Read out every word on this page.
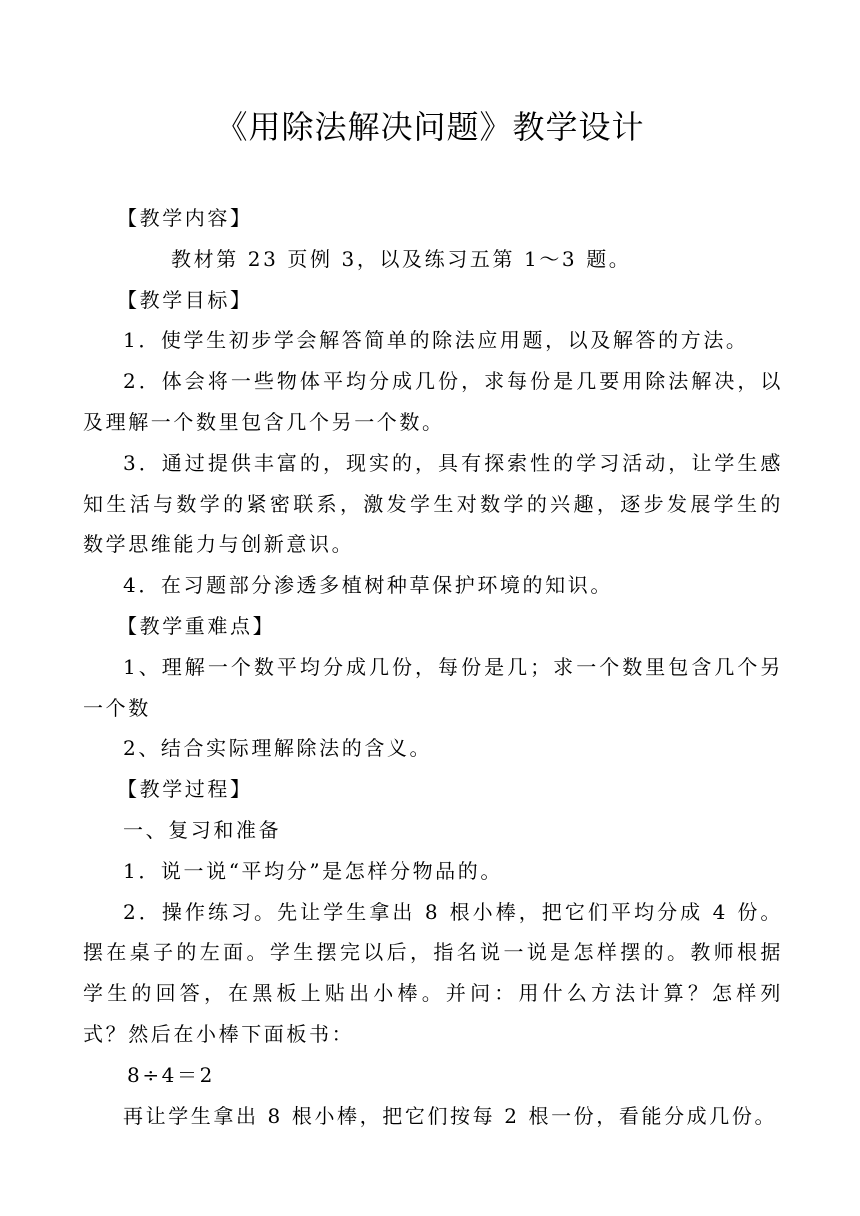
《用除法解决问题》教学设计

【教学内容】

教材第 23 页例 3，以及练习五第 1～3 题。

【教学目标】

1．使学生初步学会解答简单的除法应用题，以及解答的方法。

2．体会将一些物体平均分成几份，求每份是几要用除法解决，以及理解一个数里包含几个另一个数。

3．通过提供丰富的，现实的，具有探索性的学习活动，让学生感知生活与数学的紧密联系，激发学生对数学的兴趣，逐步发展学生的数学思维能力与创新意识。

4．在习题部分渗透多植树种草保护环境的知识。

【教学重难点】

1、理解一个数平均分成几份，每份是几；求一个数里包含几个另一个数

2、结合实际理解除法的含义。

【教学过程】

一、复习和准备

1．说一说“平均分”是怎样分物品的。

2．操作练习。先让学生拿出 8 根小棒，把它们平均分成 4 份。摆在桌子的左面。学生摆完以后，指名说一说是怎样摆的。教师根据学生的回答，在黑板上贴出小棒。并问：用什么方法计算？怎样列式？然后在小棒下面板书：

8÷4＝2

再让学生拿出 8 根小棒，把它们按每 2 根一份，看能分成几份。
